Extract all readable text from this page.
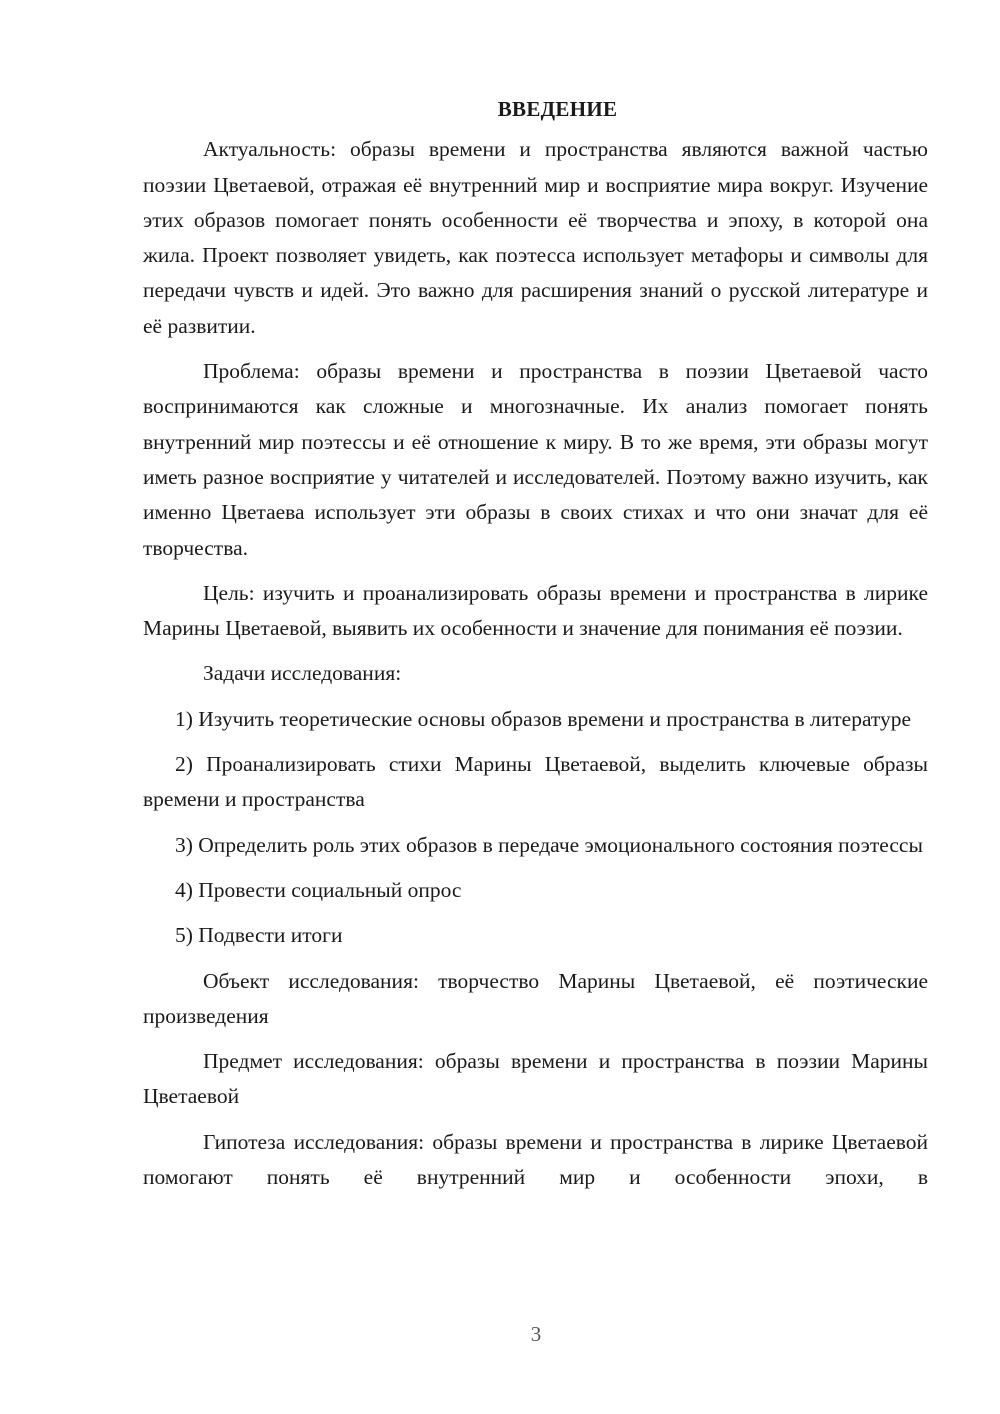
ВВЕДЕНИЕ

Актуальность: образы времени и пространства являются важной частью поэзии Цветаевой, отражая её внутренний мир и восприятие мира вокруг. Изучение этих образов помогает понять особенности её творчества и эпоху, в которой она жила. Проект позволяет увидеть, как поэтесса использует метафоры и символы для передачи чувств и идей. Это важно для расширения знаний о русской литературе и её развитии.

Проблема: образы времени и пространства в поэзии Цветаевой часто воспринимаются как сложные и многозначные. Их анализ помогает понять внутренний мир поэтессы и её отношение к миру. В то же время, эти образы могут иметь разное восприятие у читателей и исследователей. Поэтому важно изучить, как именно Цветаева использует эти образы в своих стихах и что они значат для её творчества.

Цель: изучить и проанализировать образы времени и пространства в лирике Марины Цветаевой, выявить их особенности и значение для понимания её поэзии.

Задачи исследования:

1) Изучить теоретические основы образов времени и пространства в литературе

2) Проанализировать стихи Марины Цветаевой, выделить ключевые образы времени и пространства

3) Определить роль этих образов в передаче эмоционального состояния поэтессы

4) Провести социальный опрос

5) Подвести итоги

Объект исследования: творчество Марины Цветаевой, её поэтические произведения

Предмет исследования: образы времени и пространства в поэзии Марины Цветаевой

Гипотеза исследования: образы времени и пространства в лирике Цветаевой помогают понять её внутренний мир и особенности эпохи, в

3
